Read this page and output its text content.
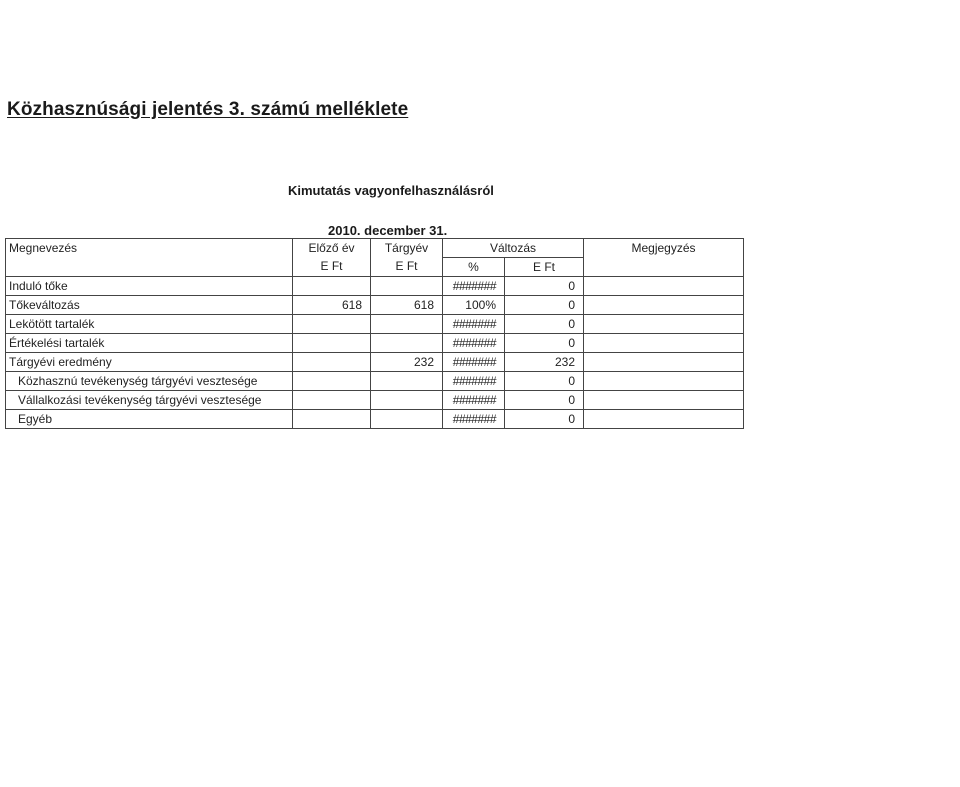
Közhasznúsági jelentés 3. számú melléklete
Kimutatás vagyonfelhasználásról
2010. december 31.
Megnevezés	Előző év	Tárgyév	Változás		Megjegyzés
	E Ft	E Ft	%	E Ft	
Induló tőke			#######	0	
Tőkeváltozás	618	618	100%	0	
Lekötött tartalék			#######	0	
Értékelési tartalék			#######	0	
Tárgyévi eredmény		232	#######	232	
Közhasznú tevékenység tárgyévi vesztesége			#######	0	
Vállalkozási tevékenység tárgyévi vesztesége			#######	0	
Egyéb			#######	0	
